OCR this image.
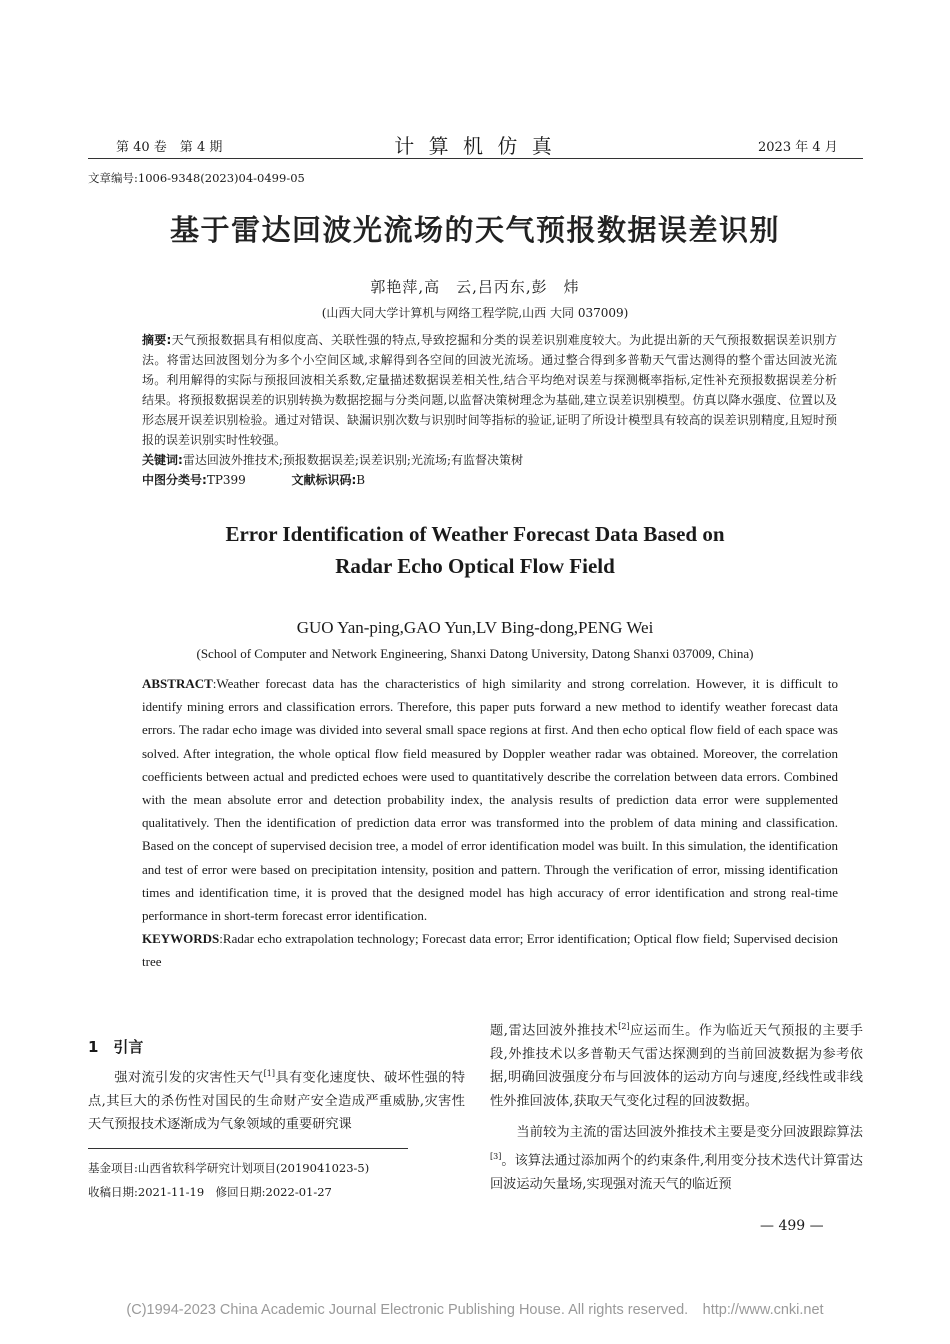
第 40 卷　第 4 期	计 算 机 仿 真	2023 年 4 月
文章编号:1006-9348(2023)04-0499-05
基于雷达回波光流场的天气预报数据误差识别
郭艳萍,高　云,吕丙东,彭　炜
(山西大同大学计算机与网络工程学院,山西 大同 037009)
摘要:天气预报数据具有相似度高、关联性强的特点,导致挖掘和分类的误差识别难度较大。为此提出新的天气预报数据误差识别方法。将雷达回波图划分为多个小空间区域,求解得到各空间的回波光流场。通过整合得到多普勒天气雷达测得的整个雷达回波光流场。利用解得的实际与预报回波相关系数,定量描述数据误差相关性,结合平均绝对误差与探测概率指标,定性补充预报数据误差分析结果。将预报数据误差的识别转换为数据挖掘与分类问题,以监督决策树理念为基础,建立误差识别模型。仿真以降水强度、位置以及形态展开误差识别检验。通过对错误、缺漏识别次数与识别时间等指标的验证,证明了所设计模型具有较高的误差识别精度,且短时预报的误差识别实时性较强。
关键词:雷达回波外推技术;预报数据误差;误差识别;光流场;有监督决策树
中图分类号:TP399	文献标识码:B
Error Identification of Weather Forecast Data Based on
Radar Echo Optical Flow Field
GUO Yan-ping,GAO Yun,LV Bing-dong,PENG Wei
(School of Computer and Network Engineering, Shanxi Datong University, Datong Shanxi 037009, China)
ABSTRACT:Weather forecast data has the characteristics of high similarity and strong correlation. However, it is difficult to identify mining errors and classification errors. Therefore, this paper puts forward a new method to identify weather forecast data errors. The radar echo image was divided into several small space regions at first. And then echo optical flow field of each space was solved. After integration, the whole optical flow field measured by Doppler weather radar was obtained. Moreover, the correlation coefficients between actual and predicted echoes were used to quantitatively describe the correlation between data errors. Combined with the mean absolute error and detection probability index, the analysis results of prediction data error were supplemented qualitatively. Then the identification of prediction data error was transformed into the problem of data mining and classification. Based on the concept of supervised decision tree, a model of error identification model was built. In this simulation, the identification and test of error were based on precipitation intensity, position and pattern. Through the verification of error, missing identification times and identification time, it is proved that the designed model has high accuracy of error identification and strong real-time performance in short-term forecast error identification.
KEYWORDS:Radar echo extrapolation technology; Forecast data error; Error identification; Optical flow field; Supervised decision tree
1　引言
强对流引发的灾害性天气[1]具有变化速度快、破坏性强的特点,其巨大的杀伤性对国民的生命财产安全造成严重威胁,灾害性天气预报技术逐渐成为气象领域的重要研究课
题,雷达回波外推技术[2]应运而生。作为临近天气预报的主要手段,外推技术以多普勒天气雷达探测到的当前回波数据为参考依据,明确回波强度分布与回波体的运动方向与速度,经线性或非线性外推回波体,获取天气变化过程的回波数据。
当前较为主流的雷达回波外推技术主要是变分回波跟踪算法[3]。该算法通过添加两个的约束条件,利用变分技术迭代计算雷达回波运动矢量场,实现强对流天气的临近预
基金项目:山西省软科学研究计划项目(2019041023-5)
收稿日期:2021-11-19　修回日期:2022-01-27
— 499 —
(C)1994-2023 China Academic Journal Electronic Publishing House. All rights reserved.　http://www.cnki.net
